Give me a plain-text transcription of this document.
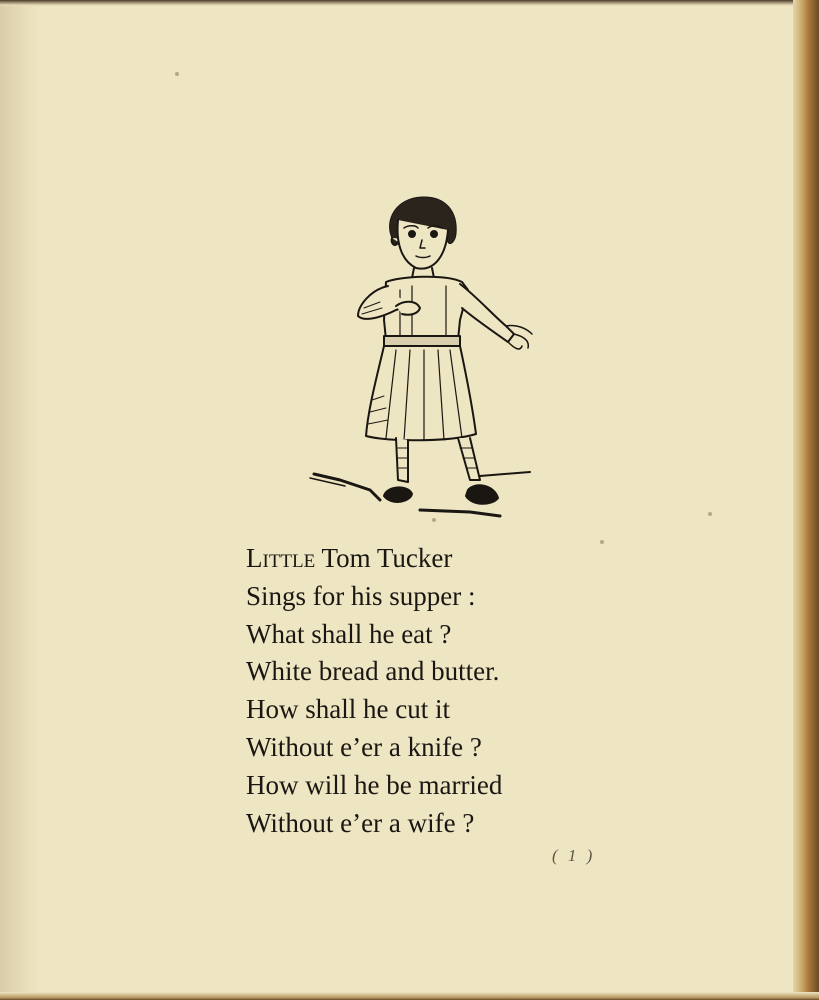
Little Tom Tucker
Sings for his supper :
What shall he eat ?
White bread and butter.
How shall he cut it
Without e’er a knife ?
How will he be married
Without e’er a wife ?
( 1 )
